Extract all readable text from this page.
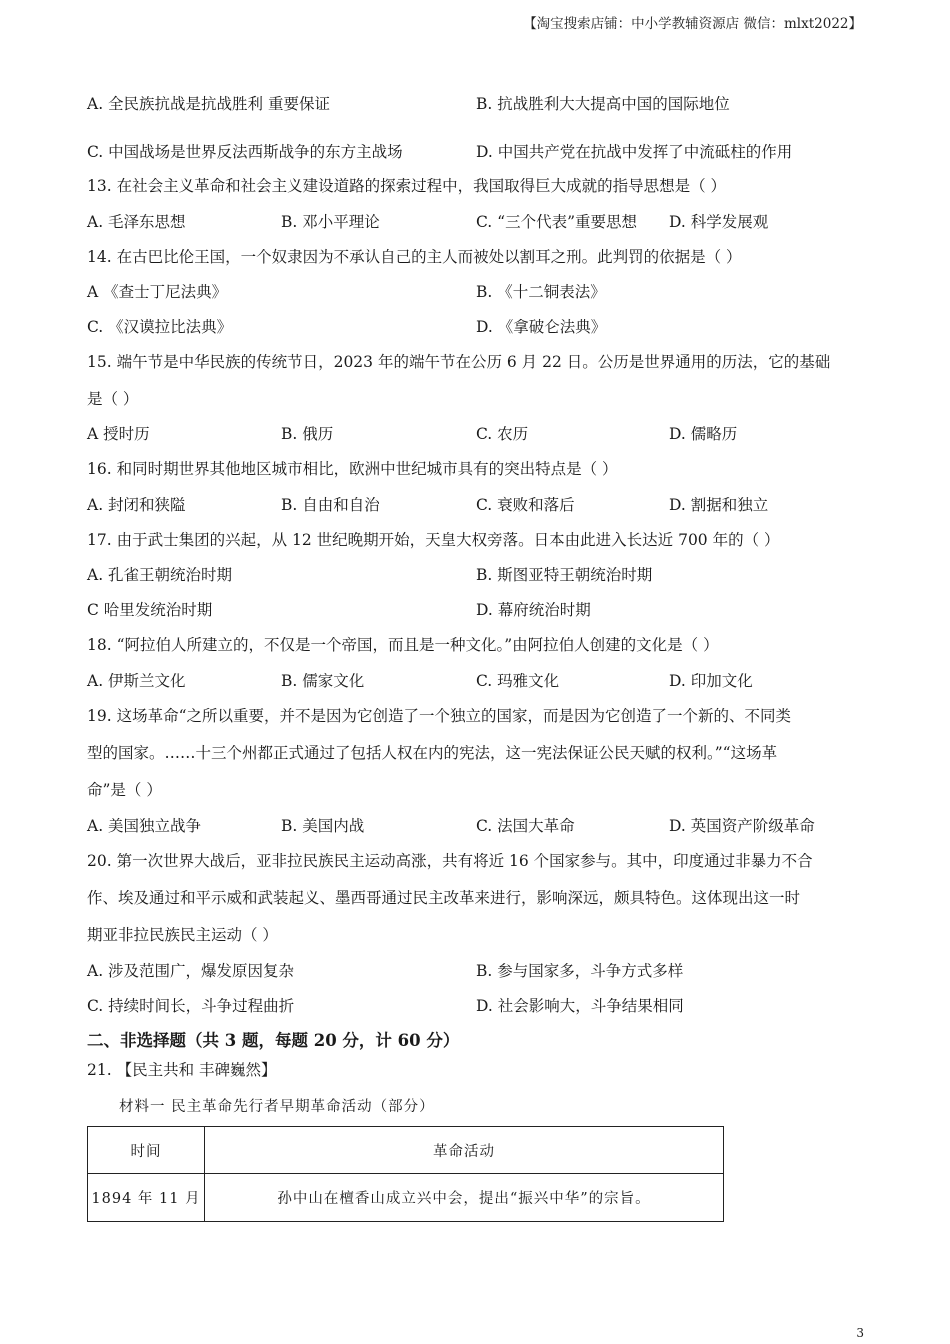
【淘宝搜索店铺：中小学教辅资源店 微信：mlxt2022】
A. 全民族抗战是抗战胜利 重要保证	B. 抗战胜利大大提高中国的国际地位
C. 中国战场是世界反法西斯战争的东方主战场	D. 中国共产党在抗战中发挥了中流砥柱的作用
13. 在社会主义革命和社会主义建设道路的探索过程中，我国取得巨大成就的指导思想是（ ）
A. 毛泽东思想	B. 邓小平理论	C. “三个代表”重要思想 D. 科学发展观
14. 在古巴比伦王国，一个奴隶因为不承认自己的主人而被处以割耳之刑。此判罚的依据是（ ）
A 《查士丁尼法典》	B. 《十二铜表法》
C. 《汉谟拉比法典》	D. 《拿破仑法典》
15. 端午节是中华民族的传统节日，2023 年的端午节在公历 6 月 22 日。公历是世界通用的历法，它的基础
是（ ）
A 授时历	B. 俄历	C. 农历	D. 儒略历
16. 和同时期世界其他地区城市相比，欧洲中世纪城市具有的突出特点是（ ）
A. 封闭和狭隘	B. 自由和自治	C. 衰败和落后	D. 割据和独立
17. 由于武士集团的兴起，从 12 世纪晚期开始，天皇大权旁落。日本由此进入长达近 700 年的（ ）
A. 孔雀王朝统治时期	B. 斯图亚特王朝统治时期
C 哈里发统治时期	D. 幕府统治时期
18. “阿拉伯人所建立的，不仅是一个帝国，而且是一种文化。”由阿拉伯人创建的文化是（ ）
A. 伊斯兰文化	B. 儒家文化	C. 玛雅文化	D. 印加文化
19. 这场革命“之所以重要，并不是因为它创造了一个独立的国家，而是因为它创造了一个新的、不同类
型的国家。……十三个州都正式通过了包括人权在内的宪法，这一宪法保证公民天赋的权利。”“这场革
命”是（ ）
A. 美国独立战争	B. 美国内战	C. 法国大革命	D. 英国资产阶级革命
20. 第一次世界大战后，亚非拉民族民主运动高涨，共有将近 16 个国家参与。其中，印度通过非暴力不合
作、埃及通过和平示威和武装起义、墨西哥通过民主改革来进行，影响深远，颇具特色。这体现出这一时
期亚非拉民族民主运动（ ）
A. 涉及范围广，爆发原因复杂	B. 参与国家多，斗争方式多样
C. 持续时间长，斗争过程曲折	D. 社会影响大，斗争结果相同
二、非选择题（共 3 题，每题 20 分，计 60 分）
21. 【民主共和 丰碑巍然】
材料一 民主革命先行者早期革命活动（部分）
时间	革命活动
1894 年 11 月	孙中山在檀香山成立兴中会，提出“振兴中华”的宗旨。
3
